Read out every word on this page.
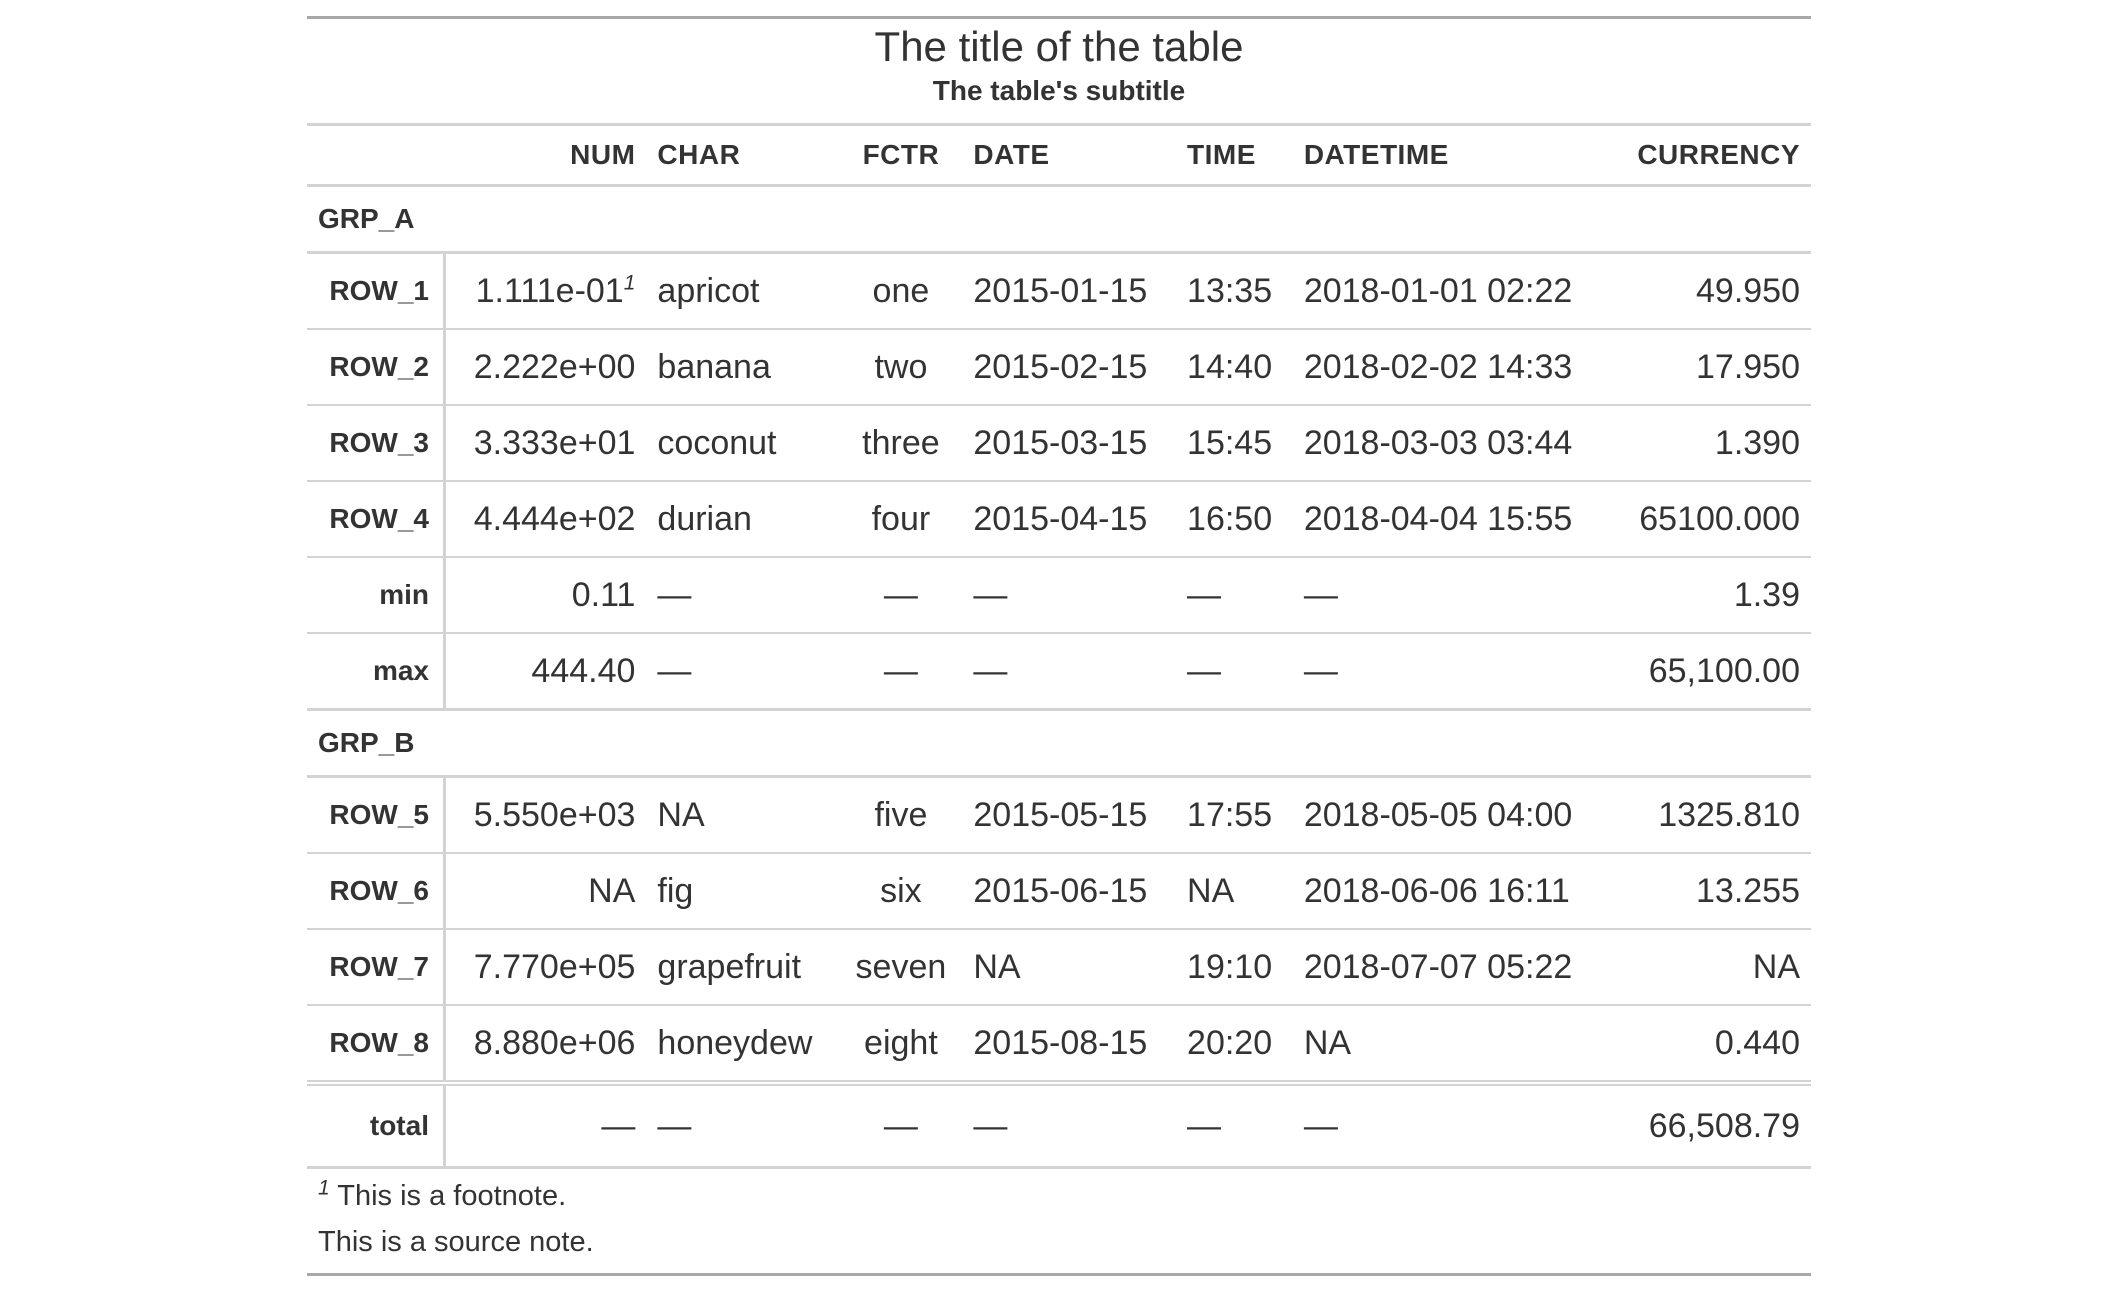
The title of the table							
The table's subtitle							
	NUM	CHAR	FCTR	DATE	TIME	DATETIME	CURRENCY
GRP_A							
ROW_1	$1.111e-01^1$	apricot	one	2015-01-15	13:35	2018-01-01 02:22	49.950
ROW_2	2.222e+00	banana	two	2015-02-15	14:40	2018-02-02 14:33	17.950
ROW_3	3.333e+01	coconut	three	2015-03-15	15:45	2018-03-03 03:44	1.390
ROW_4	4.444e+02	durian	four	2015-04-15	16:50	2018-04-04 15:55	65100.000
min	0.11	—	—	—	—	—	1.39
max	444.40	—	—	—	—	—	65,100.00
GRP_B							
ROW_5	5.550e+03	NA	five	2015-05-15	17:55	2018-05-05 04:00	1325.810
ROW_6	NA	fig	six	2015-06-15	NA	2018-06-06 16:11	13.255
ROW_7	7.770e+05	grapefruit	seven	NA	19:10	2018-07-07 05:22	NA
ROW_8	8.880e+06	honeydew	eight	2015-08-15	20:20	NA	0.440
total	—	—	—	—	—	—	66,508.79
$^1$ This is a footnote.							
This is a source note.							
